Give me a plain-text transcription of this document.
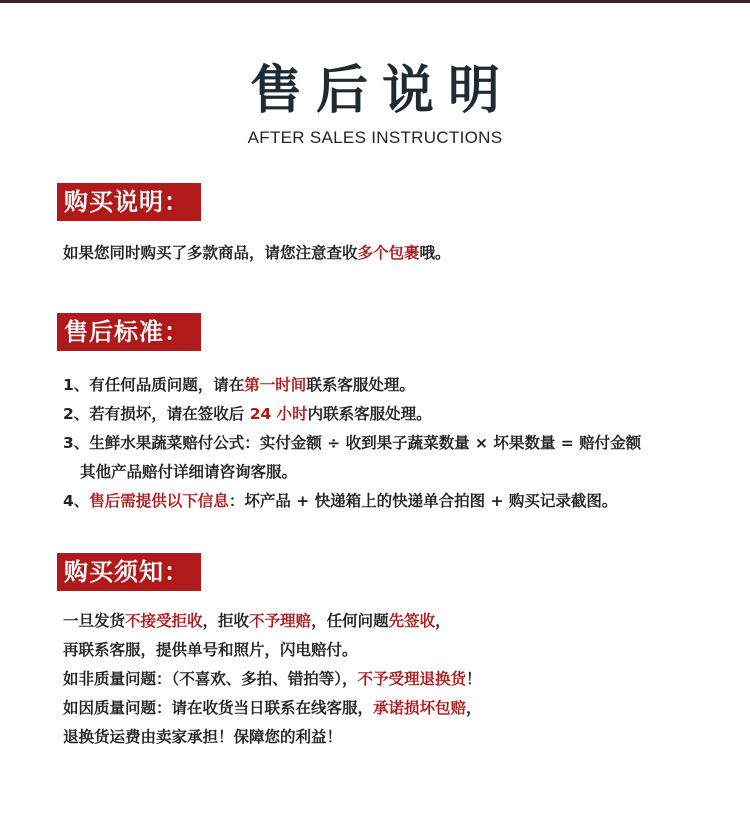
售后说明
AFTER SALES INSTRUCTIONS
购买说明：
如果您同时购买了多款商品，请您注意查收多个包裹哦。
售后标准：
1、有任何品质问题，请在第一时间联系客服处理。
2、若有损坏，请在签收后 24 小时内联系客服处理。
3、生鲜水果蔬菜赔付公式：实付金额 ÷ 收到果子蔬菜数量 × 坏果数量 = 赔付金额
其他产品赔付详细请咨询客服。
4、售后需提供以下信息：坏产品 + 快递箱上的快递单合拍图 + 购买记录截图。
购买须知：
一旦发货不接受拒收，拒收不予理赔，任何问题先签收，
再联系客服，提供单号和照片，闪电赔付。
如非质量问题：（不喜欢、多拍、错拍等），不予受理退换货！
如因质量问题：请在收货当日联系在线客服，承诺损坏包赔，
退换货运费由卖家承担！保障您的利益！
